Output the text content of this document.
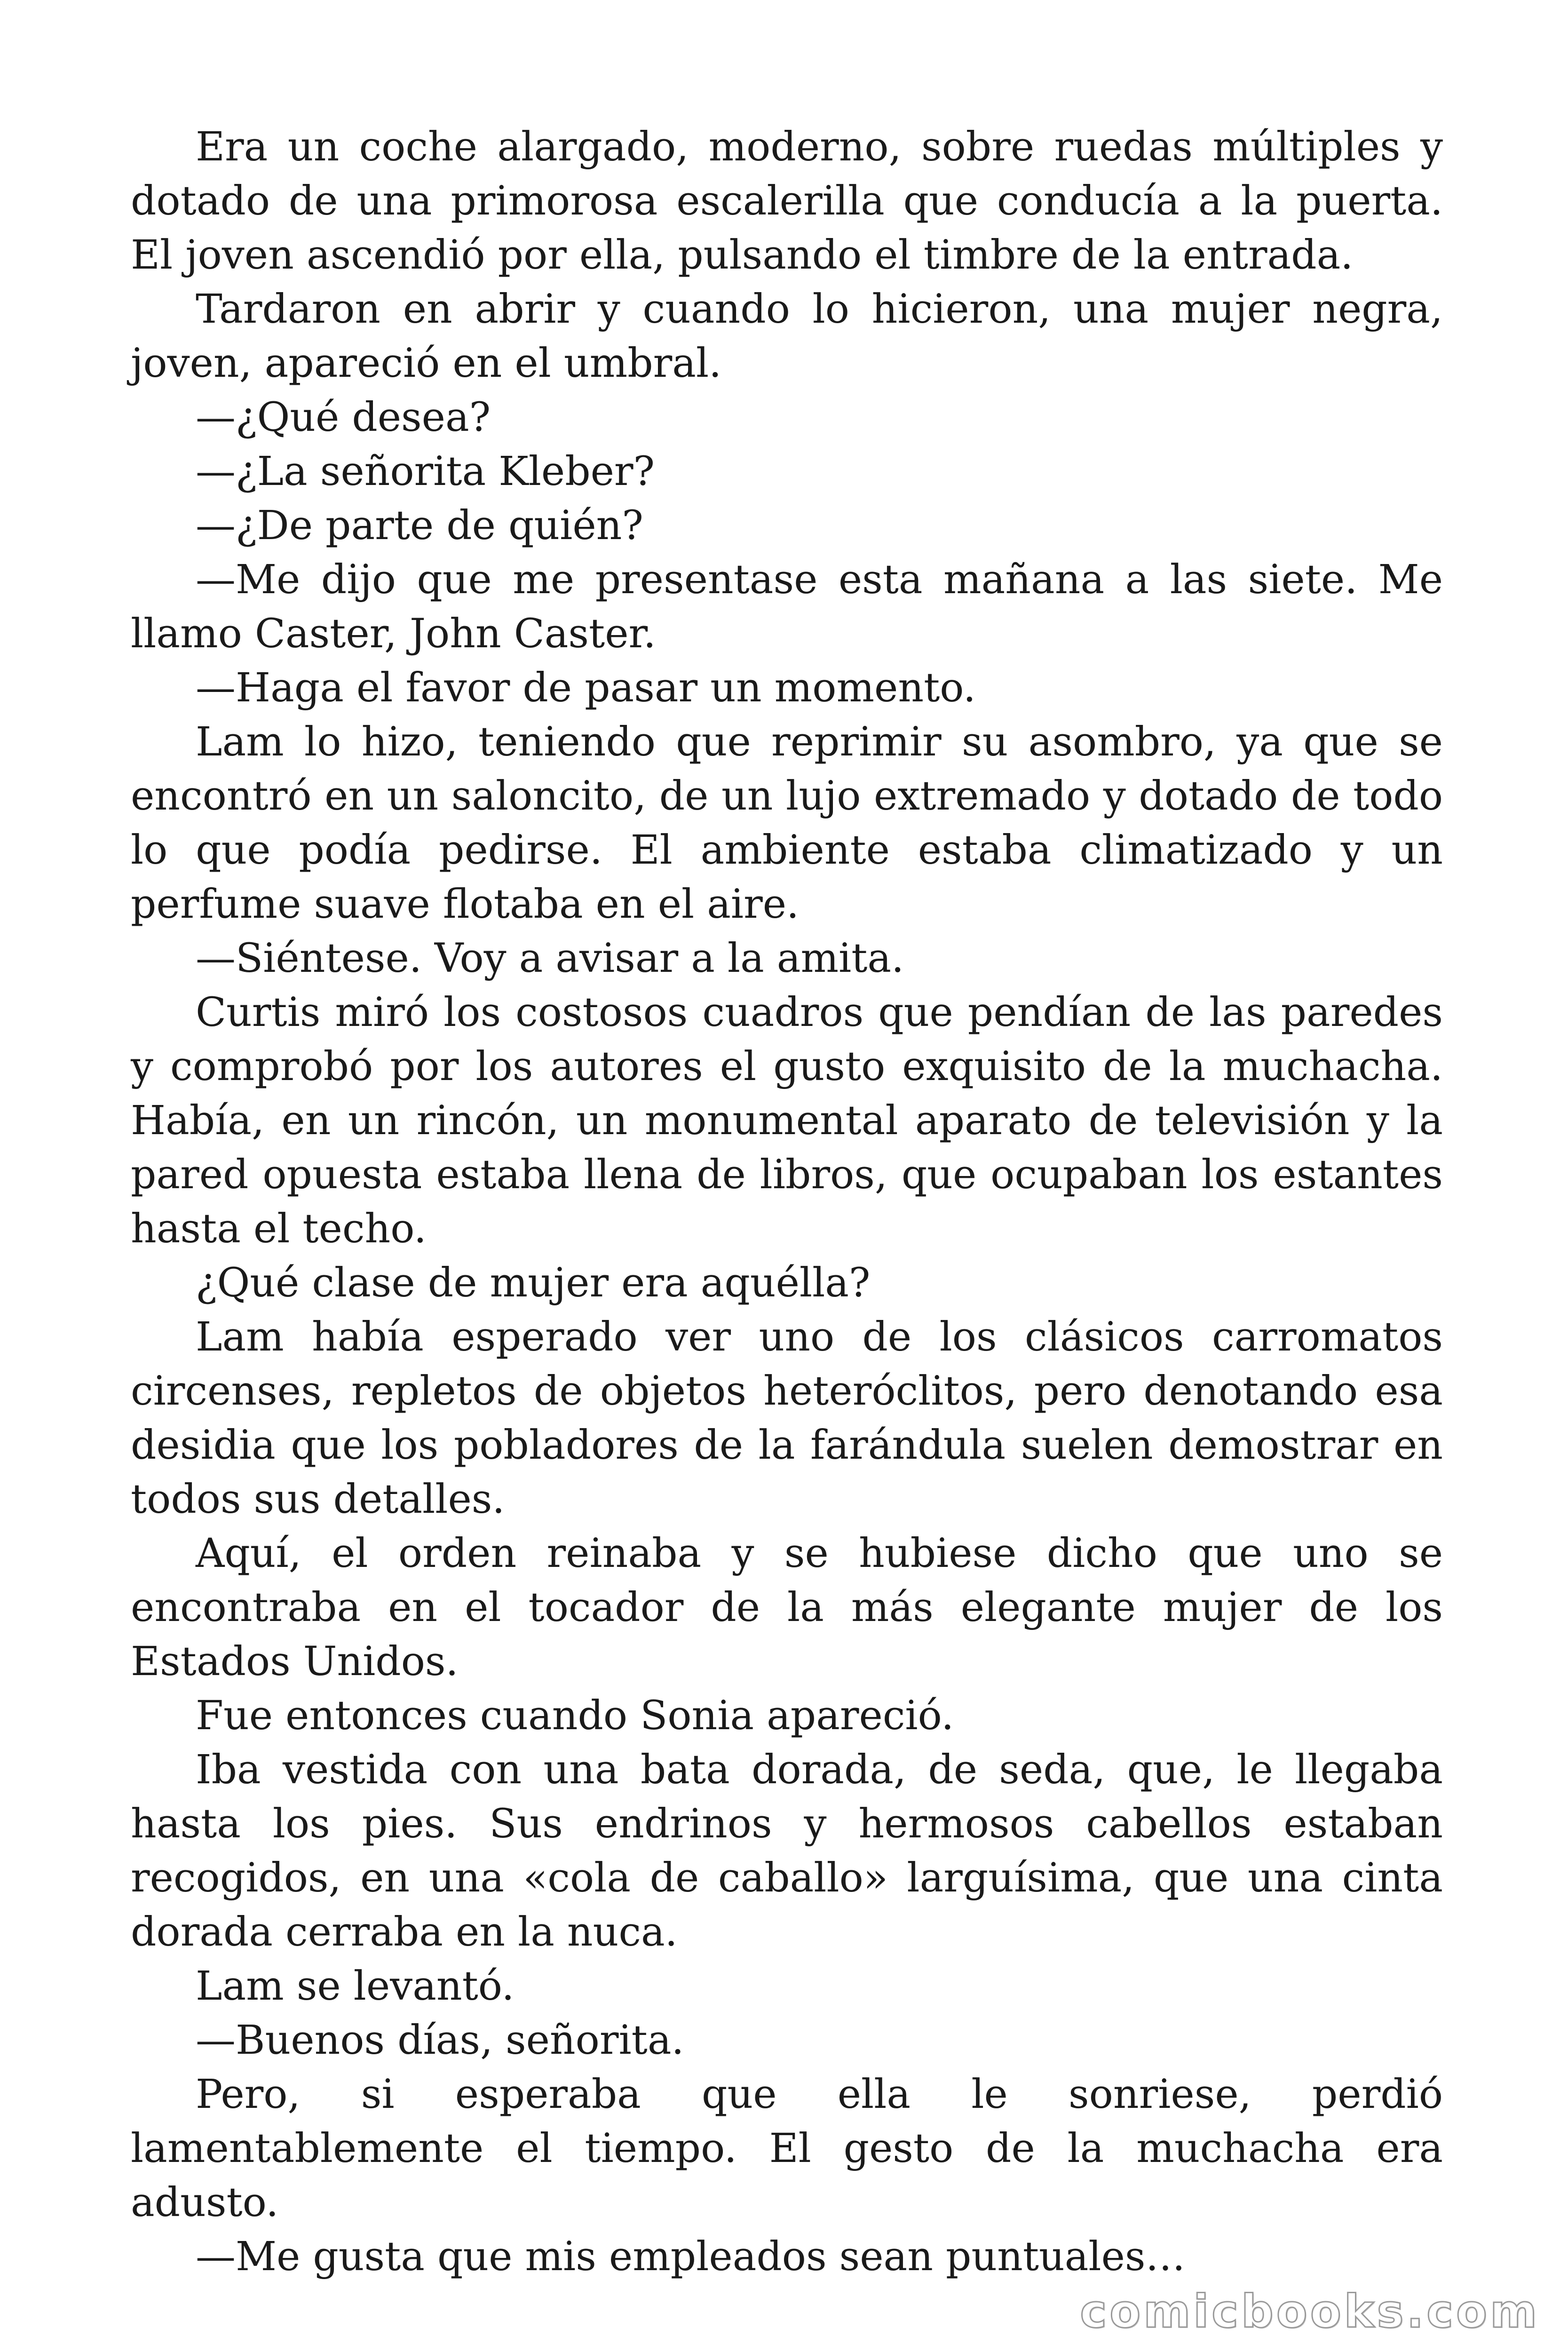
Era un coche alargado, moderno, sobre ruedas múltiples y dotado de una primorosa escalerilla que conducía a la puerta. El joven ascendió por ella, pulsando el timbre de la entrada.

Tardaron en abrir y cuando lo hicieron, una mujer negra, joven, apareció en el umbral.

—¿Qué desea?

—¿La señorita Kleber?

—¿De parte de quién?

—Me dijo que me presentase esta mañana a las siete. Me llamo Caster, John Caster.

—Haga el favor de pasar un momento.

Lam lo hizo, teniendo que reprimir su asombro, ya que se encontró en un saloncito, de un lujo extremado y dotado de todo lo que podía pedirse. El ambiente estaba climatizado y un perfume suave flotaba en el aire.

—Siéntese. Voy a avisar a la amita.

Curtis miró los costosos cuadros que pendían de las paredes y comprobó por los autores el gusto exquisito de la muchacha. Había, en un rincón, un monumental aparato de televisión y la pared opuesta estaba llena de libros, que ocupaban los estantes hasta el techo.

¿Qué clase de mujer era aquélla?

Lam había esperado ver uno de los clásicos carromatos circenses, repletos de objetos heteróclitos, pero denotando esa desidia que los pobladores de la farándula suelen demostrar en todos sus detalles.

Aquí, el orden reinaba y se hubiese dicho que uno se encontraba en el tocador de la más elegante mujer de los Estados Unidos.

Fue entonces cuando Sonia apareció.

Iba vestida con una bata dorada, de seda, que, le llegaba hasta los pies. Sus endrinos y hermosos cabellos estaban recogidos, en una «cola de caballo» larguísima, que una cinta dorada cerraba en la nuca.

Lam se levantó.

—Buenos días, señorita.

Pero, si esperaba que ella le sonriese, perdió lamentablemente el tiempo. El gesto de la muchacha era adusto.

—Me gusta que mis empleados sean puntuales…

comicbooks.com
